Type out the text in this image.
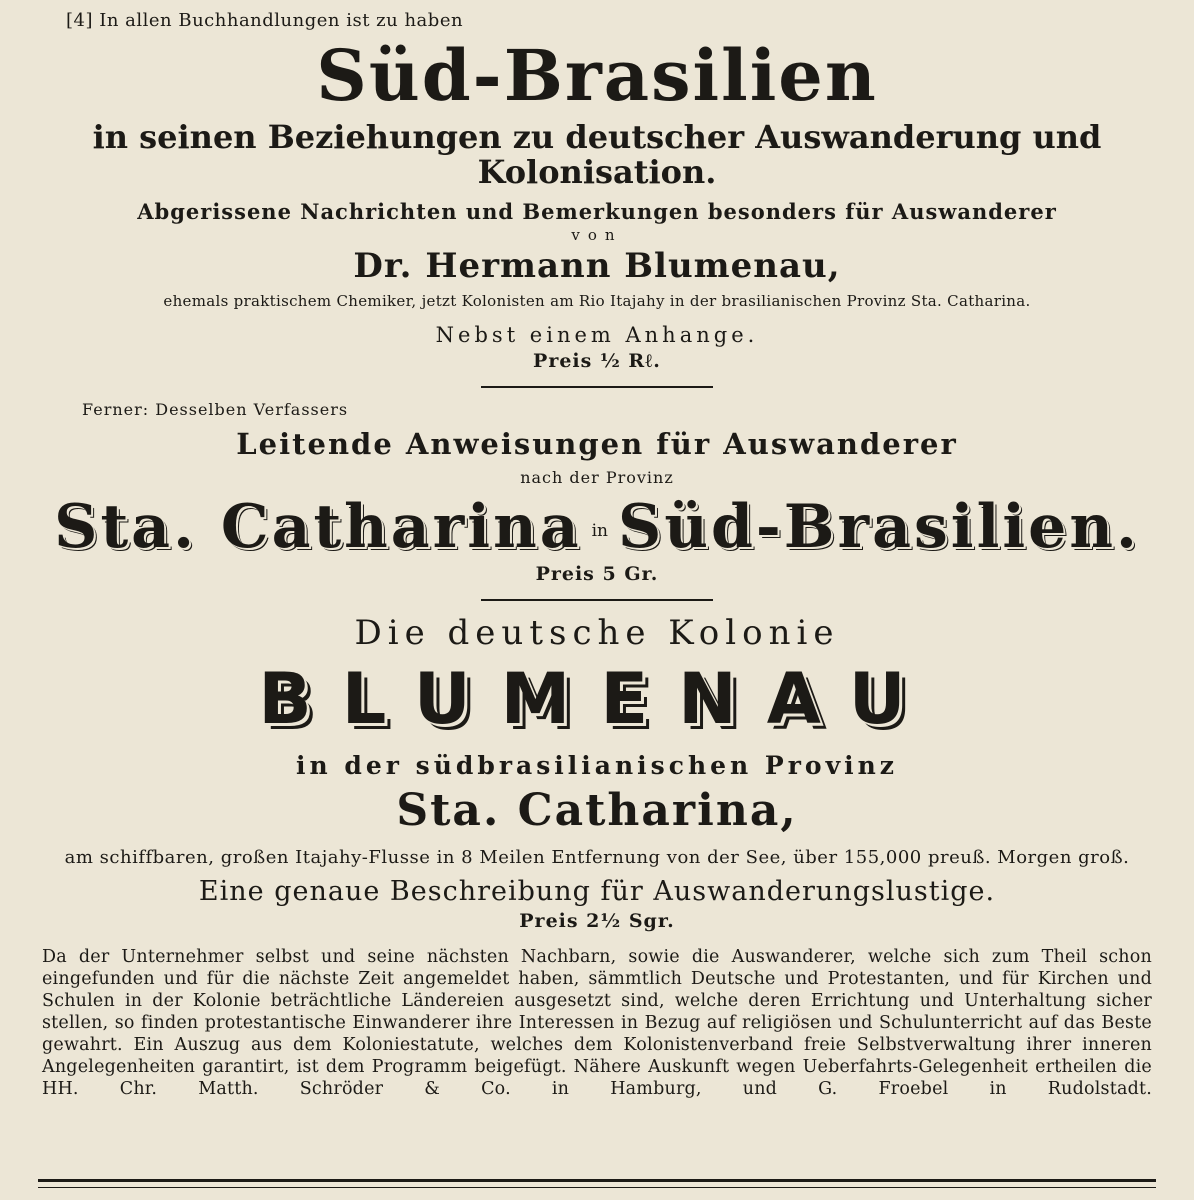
[4] In allen Buchhandlungen ist zu haben

Süd-Brasilien

in seinen Beziehungen zu deutscher Auswanderung und Kolonisation.

Abgerissene Nachrichten und Bemerkungen besonders für Auswanderer

von

Dr. Hermann Blumenau,

ehemals praktischem Chemiker, jetzt Kolonisten am Rio Itajahy in der brasilianischen Provinz Sta. Catharina.

Nebst einem Anhange.

Preis ½ Rℓ.

Ferner: Desselben Verfassers

Leitende Anweisungen für Auswanderer

nach der Provinz

Sta. Catharina in Süd-Brasilien.

Preis 5 Gr.

Die deutsche Kolonie

BLUMENAU

in der südbrasilianischen Provinz

Sta. Catharina,

am schiffbaren, großen Itajahy-Flusse in 8 Meilen Entfernung von der See, über 155,000 preuß. Morgen groß.

Eine genaue Beschreibung für Auswanderungslustige.

Preis 2½ Sgr.

Da der Unternehmer selbst und seine nächsten Nachbarn, sowie die Auswanderer, welche sich zum Theil schon eingefunden und für die nächste Zeit angemeldet haben, sämmtlich Deutsche und Protestanten, und für Kirchen und Schulen in der Kolonie beträchtliche Ländereien ausgesetzt sind, welche deren Errichtung und Unterhaltung sicher stellen, so finden protestantische Einwanderer ihre Interessen in Bezug auf religiösen und Schulunterricht auf das Beste gewahrt. Ein Auszug aus dem Koloniestatute, welches dem Kolonistenverband freie Selbstverwaltung ihrer inneren Angelegenheiten garantirt, ist dem Programm beigefügt. Nähere Auskunft wegen Ueberfahrts-Gelegenheit ertheilen die HH. Chr. Matth. Schröder & Co. in Hamburg, und G. Froebel in Rudolstadt.
